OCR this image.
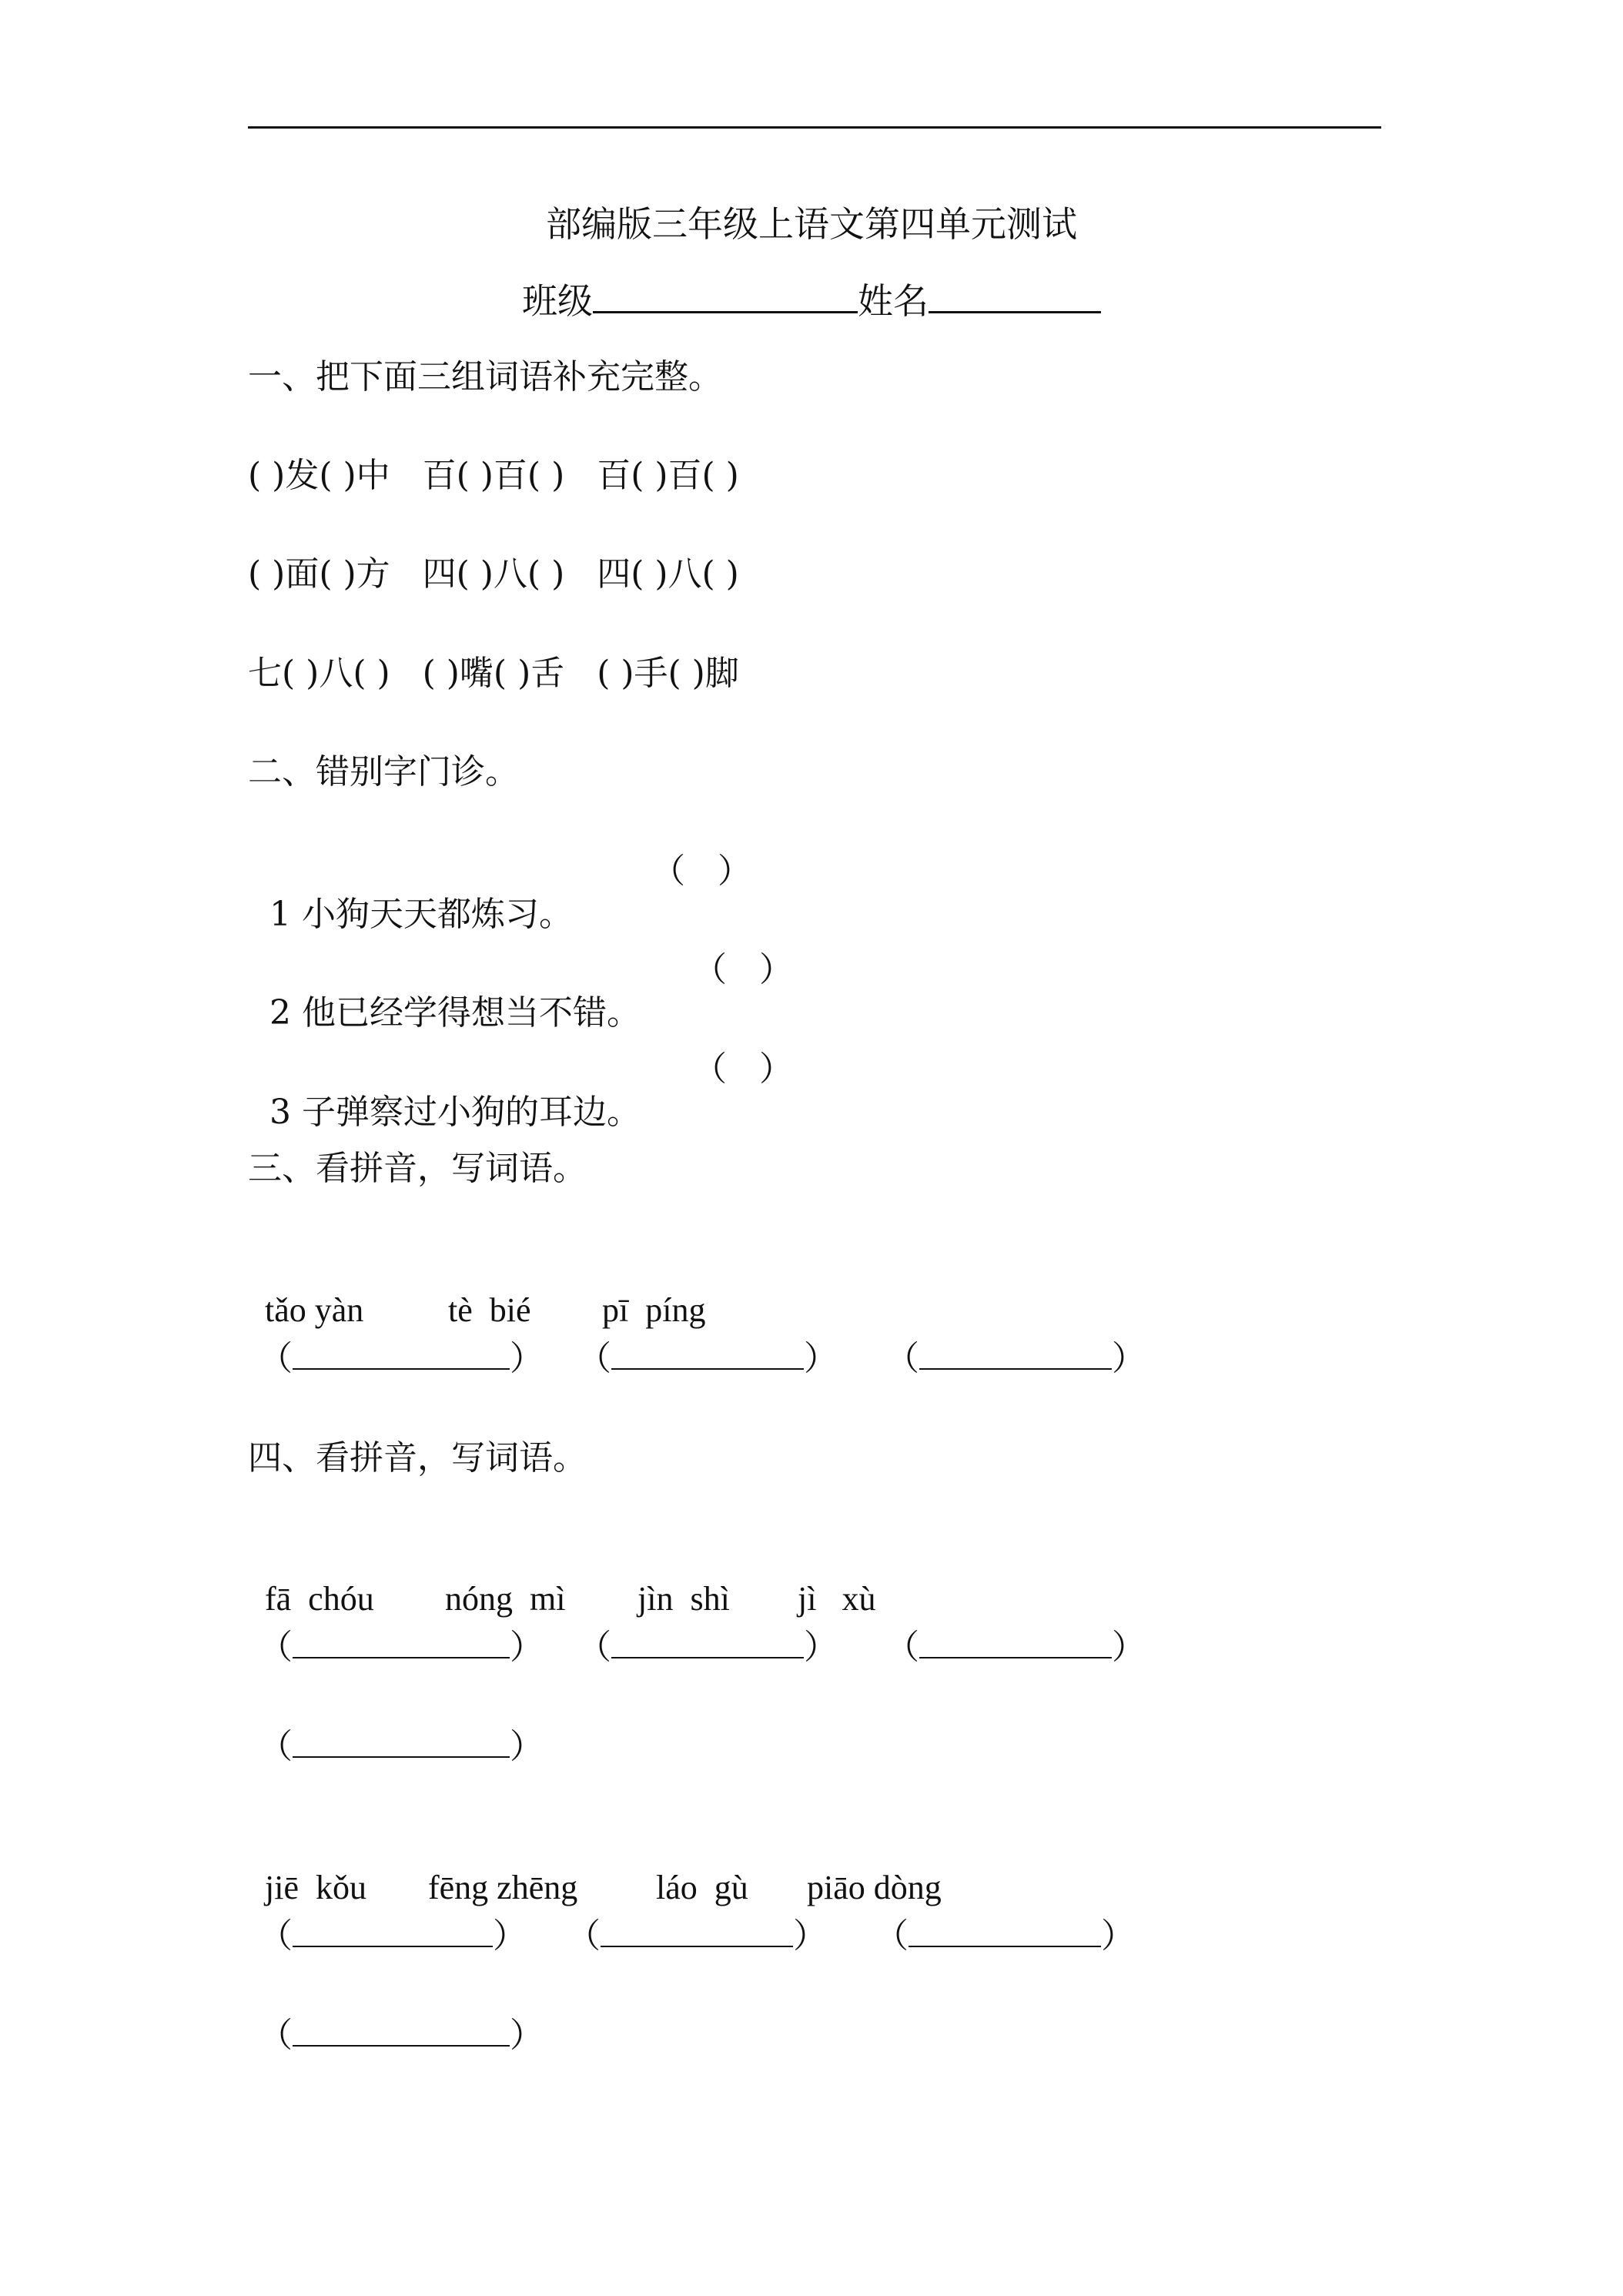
部编版三年级上语文第四单元测试
班级	姓名
一、把下面三组词语补充完整。
( )发( )中   百( )百( )   百( )百( )
( )面( )方   四( )八( )   四( )八( )
七( )八( )   ( )嘴( )舌   ( )手( )脚
二、错别字门诊。

1 小狗天天都炼习。

（   ）

2 他已经学得想当不错。

（   ）

3 子弹察过小狗的耳边。

（   ）
三、看拼音，写词语。

tǎo yàn tè  bié pī  píng

（	） （	） （	）
四、看拼音，写词语。

fā  chóu nóng  mì jìn  shì jì   xù

（	） （	） （	）
（	）

jiē  kǒu fēng zhēng láo  gù piāo dòng

（	） （	） （	）
（	）
